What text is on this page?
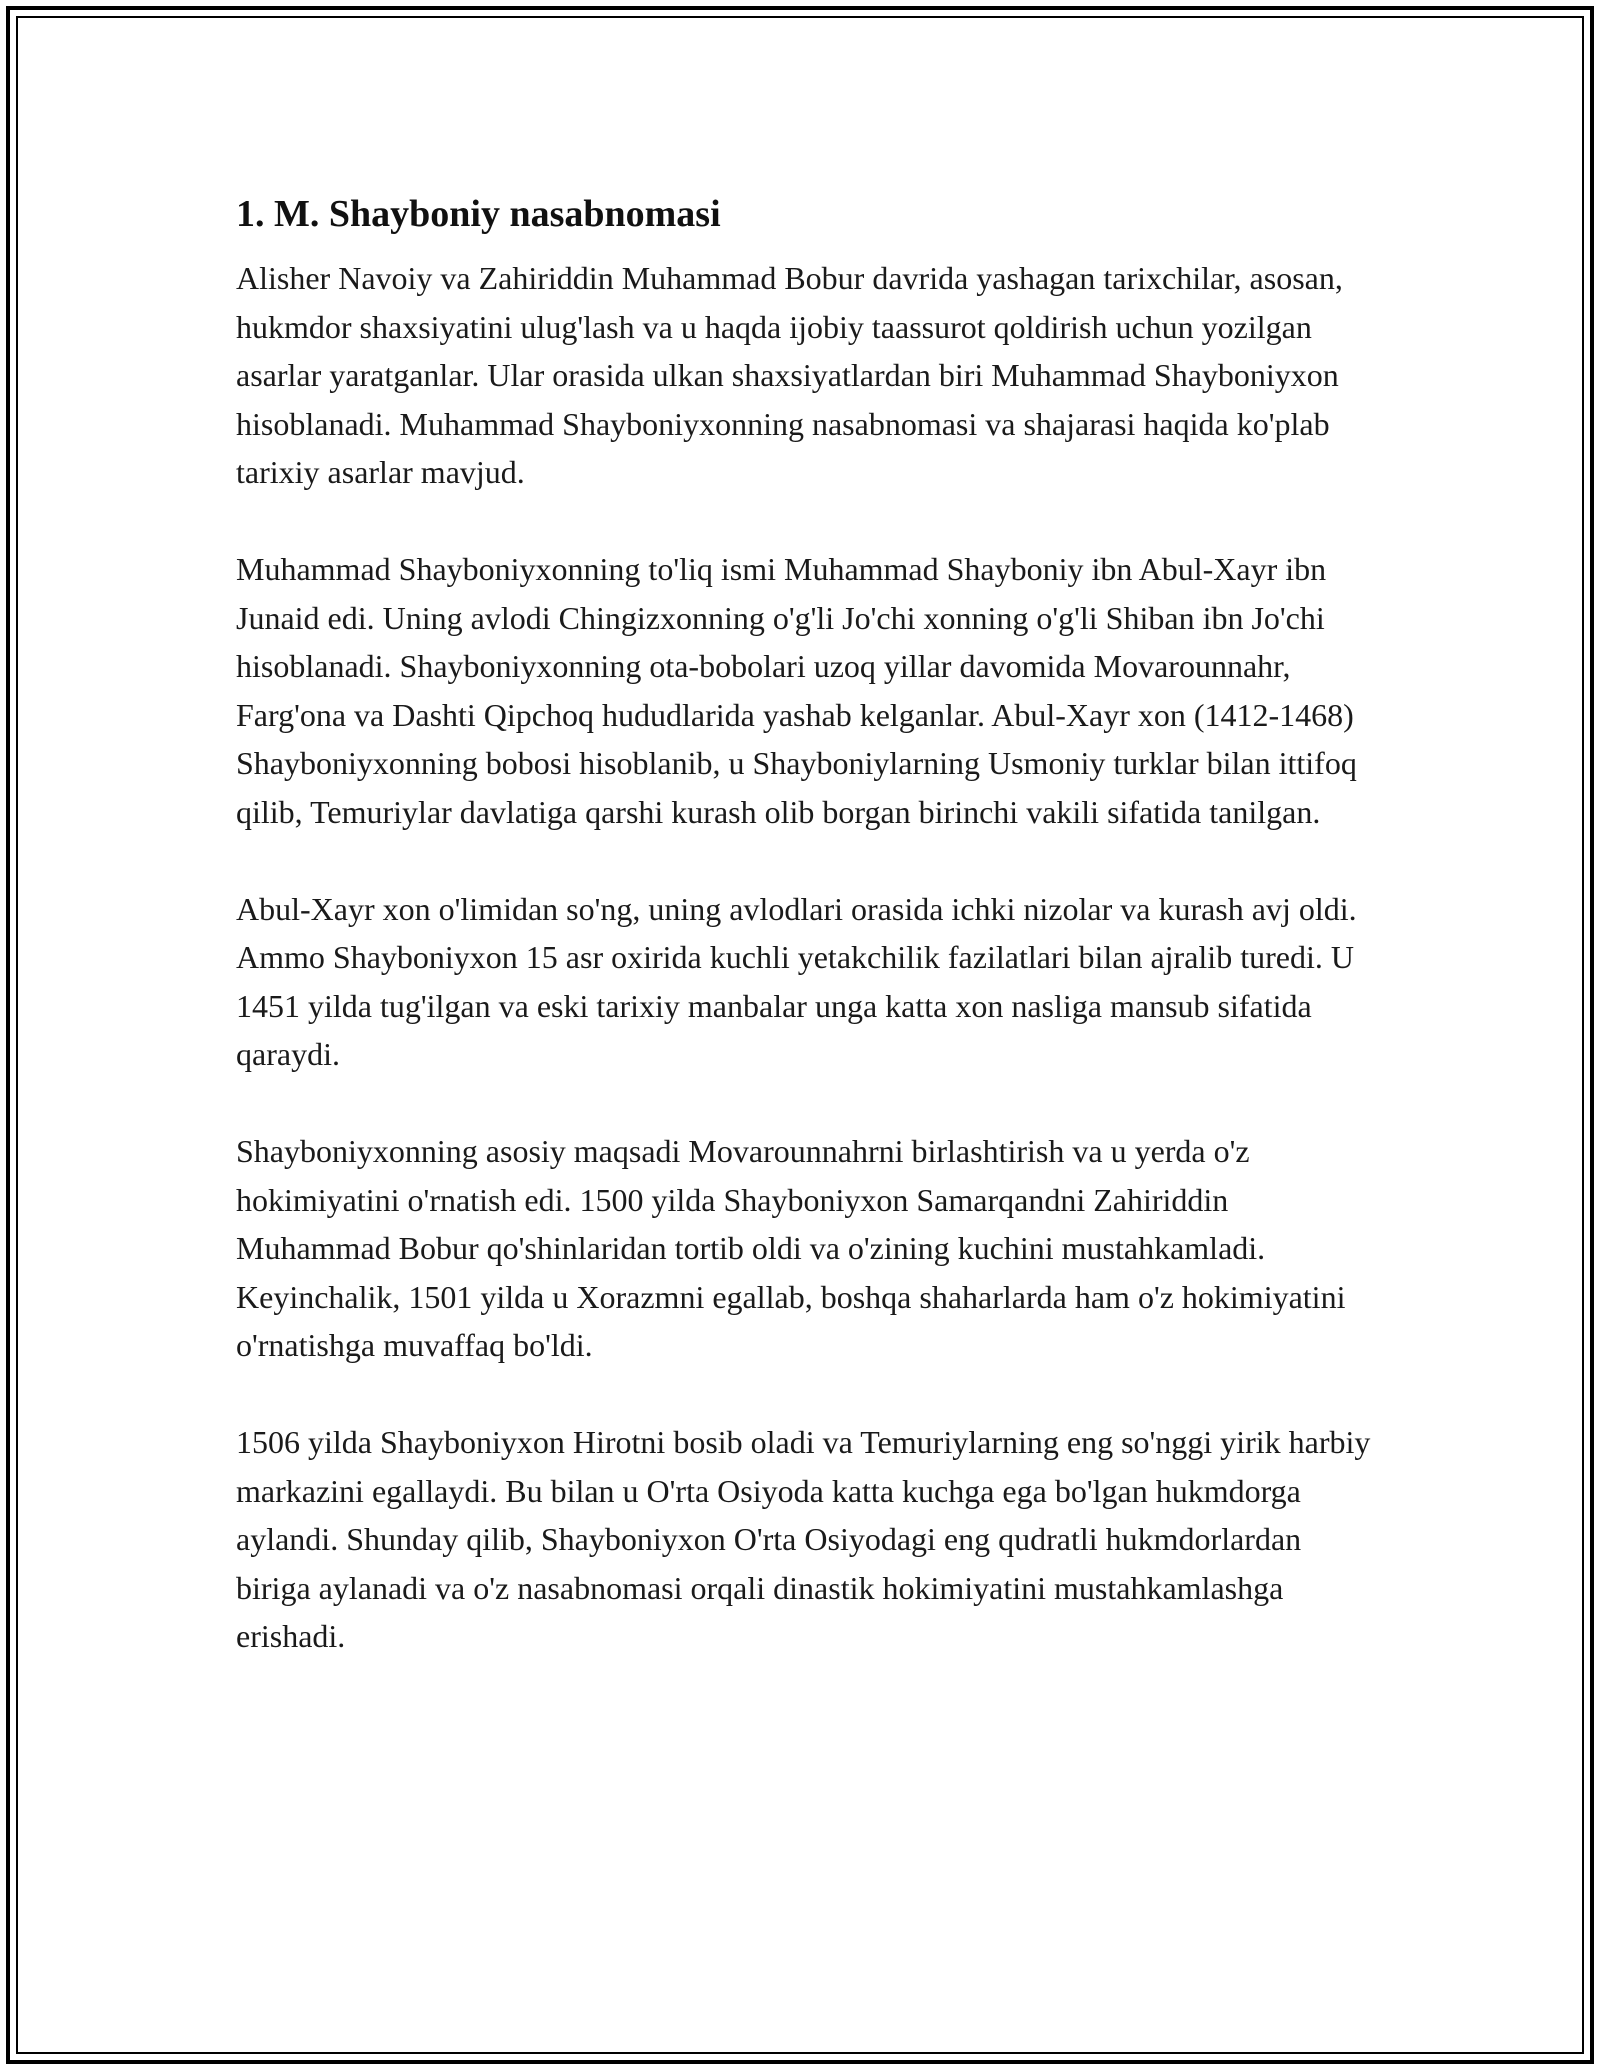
1. M. Shayboniy nasabnomasi

Alisher Navoiy va Zahiriddin Muhammad Bobur davrida yashagan tarixchilar, asosan, hukmdor shaxsiyatini ulug'lash va u haqda ijobiy taassurot qoldirish uchun yozilgan asarlar yaratganlar. Ular orasida ulkan shaxsiyatlardan biri Muhammad Shayboniyxon hisoblanadi. Muhammad Shayboniyxonning nasabnomasi va shajarasi haqida ko'plab tarixiy asarlar mavjud.

Muhammad Shayboniyxonning to'liq ismi Muhammad Shayboniy ibn Abul-Xayr ibn Junaid edi. Uning avlodi Chingizxonning o'g'li Jo'chi xonning o'g'li Shiban ibn Jo'chi hisoblanadi. Shayboniyxonning ota-bobolari uzoq yillar davomida Movarounnahr, Farg'ona va Dashti Qipchoq hududlarida yashab kelganlar. Abul-Xayr xon (1412-1468) Shayboniyxonning bobosi hisoblanib, u Shayboniylarning Usmoniy turklar bilan ittifoq qilib, Temuriylar davlatiga qarshi kurash olib borgan birinchi vakili sifatida tanilgan.

Abul-Xayr xon o'limidan so'ng, uning avlodlari orasida ichki nizolar va kurash avj oldi. Ammo Shayboniyxon 15 asr oxirida kuchli yetakchilik fazilatlari bilan ajralib turedi. U 1451 yilda tug'ilgan va eski tarixiy manbalar unga katta xon nasliga mansub sifatida qaraydi.

Shayboniyxonning asosiy maqsadi Movarounnahrni birlashtirish va u yerda o'z hokimiyatini o'rnatish edi. 1500 yilda Shayboniyxon Samarqandni Zahiriddin Muhammad Bobur qo'shinlaridan tortib oldi va o'zining kuchini mustahkamladi. Keyinchalik, 1501 yilda u Xorazmni egallab, boshqa shaharlarda ham o'z hokimiyatini o'rnatishga muvaffaq bo'ldi.

1506 yilda Shayboniyxon Hirotni bosib oladi va Temuriylarning eng so'nggi yirik harbiy markazini egallaydi. Bu bilan u O'rta Osiyoda katta kuchga ega bo'lgan hukmdorga aylandi. Shunday qilib, Shayboniyxon O'rta Osiyodagi eng qudratli hukmdorlardan biriga aylanadi va o'z nasabnomasi orqali dinastik hokimiyatini mustahkamlashga erishadi.
